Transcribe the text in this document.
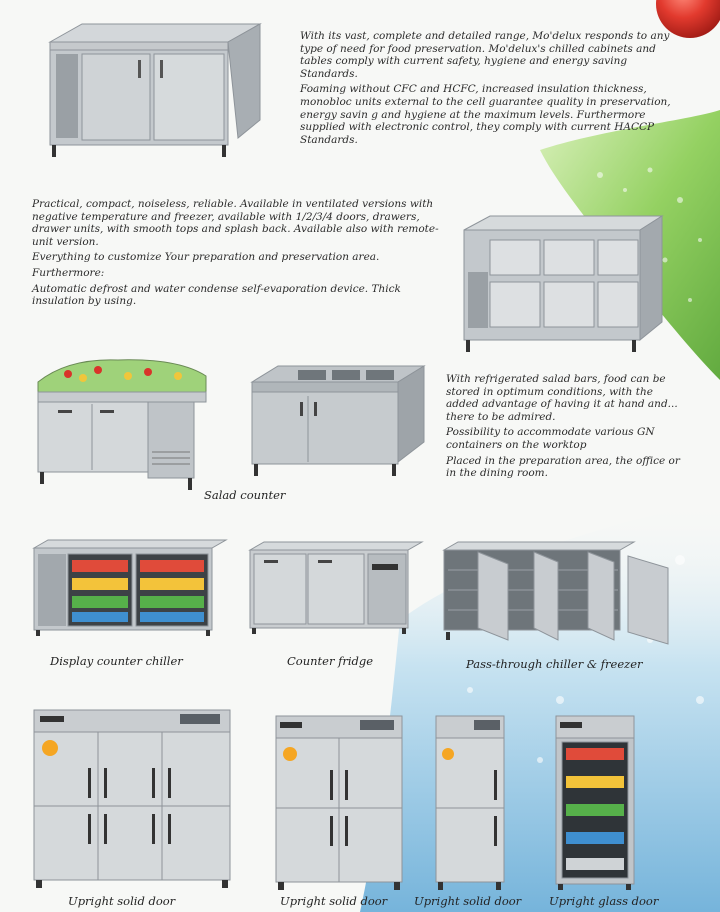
With its vast, complete and detailed range, Mo'delux responds to any type of need for food preservation. Mo'delux's chilled cabinets and tables comply with current safety, hygiene and energy saving Standards.

Foaming without CFC and HCFC, increased insulation thickness, monobloc units external to the cell guarantee quality in preservation, energy savin g and hygiene at the maximum levels. Furthermore supplied with electronic control, they comply with current HACCP Standards.

Practical, compact, noiseless, reliable. Available in ventilated versions with negative temperature and freezer, available with 1/2/3/4 doors, drawers, drawer units, with smooth tops and splash back. Available also with remote-unit version.

Everything to customize Your preparation and preservation area.

Furthermore:

Automatic defrost and water condense self-evaporation device. Thick insulation by using.

Salad counter

With refrigerated salad bars, food can be stored in optimum conditions, with the added advantage of having it at hand and... there to be admired.

Possibility to accommodate various GN containers on the worktop

Placed in the preparation area, the office or in the dining room.

Display counter chiller	Counter fridge	Pass-through chiller & freezer
Upright solid door	Upright solid door Upright solid door Upright glass door
